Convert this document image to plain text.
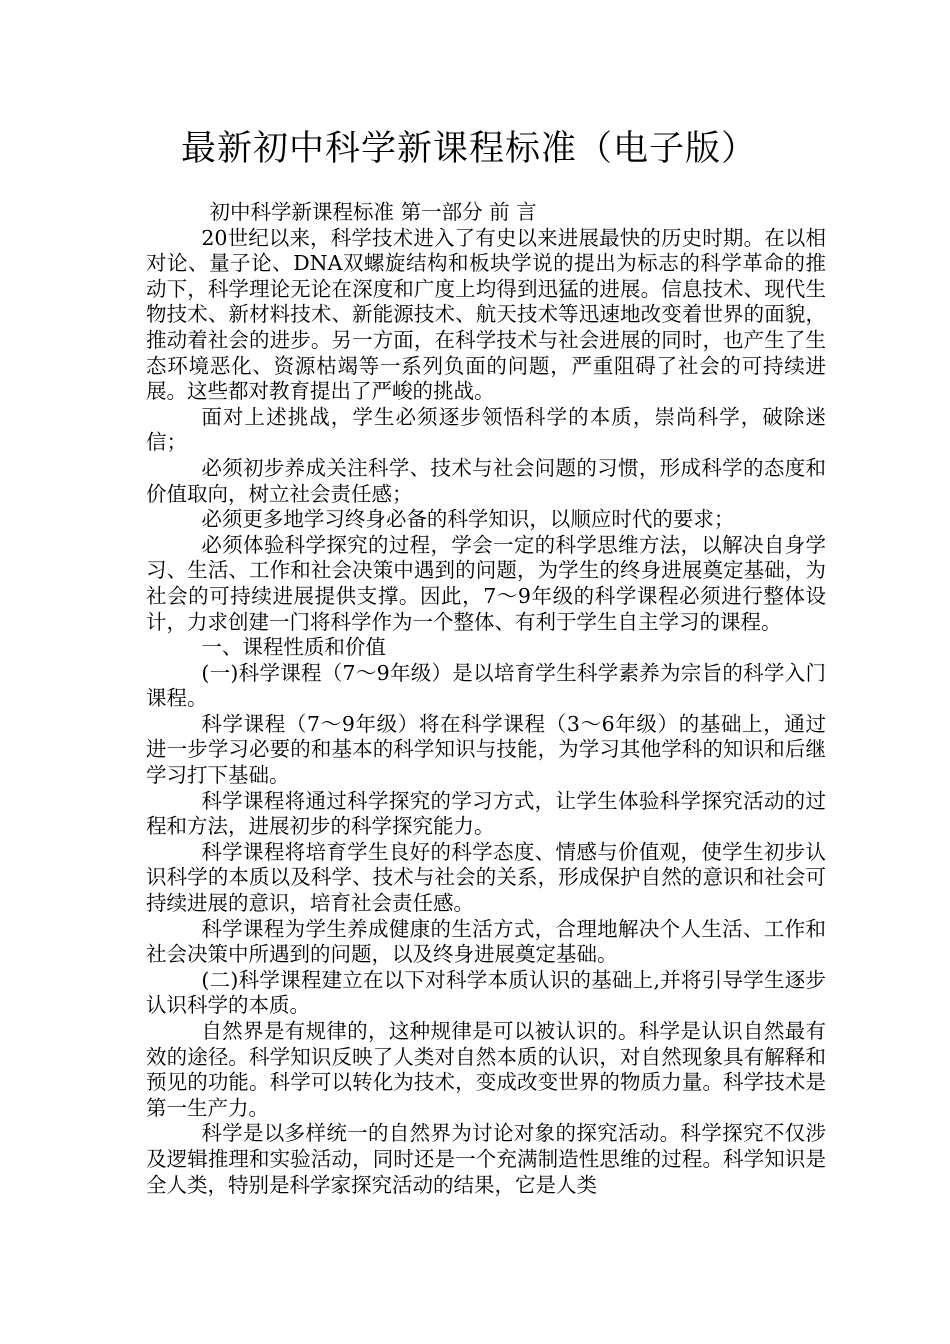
最新初中科学新课程标准（电子版）

初中科学新课程标准 第一部分 前 言

20世纪以来，科学技术进入了有史以来进展最快的历史时期。在以相对论、量子论、DNA双螺旋结构和板块学说的提出为标志的科学革命的推动下，科学理论无论在深度和广度上均得到迅猛的进展。信息技术、现代生物技术、新材料技术、新能源技术、航天技术等迅速地改变着世界的面貌，推动着社会的进步。另一方面，在科学技术与社会进展的同时，也产生了生态环境恶化、资源枯竭等一系列负面的问题，严重阻碍了社会的可持续进展。这些都对教育提出了严峻的挑战。

面对上述挑战，学生必须逐步领悟科学的本质，崇尚科学，破除迷信；

必须初步养成关注科学、技术与社会问题的习惯，形成科学的态度和价值取向，树立社会责任感；

必须更多地学习终身必备的科学知识，以顺应时代的要求；

必须体验科学探究的过程，学会一定的科学思维方法，以解决自身学习、生活、工作和社会决策中遇到的问题，为学生的终身进展奠定基础，为社会的可持续进展提供支撑。因此，7～9年级的科学课程必须进行整体设计，力求创建一门将科学作为一个整体、有利于学生自主学习的课程。

一、课程性质和价值

(一)科学课程（7～9年级）是以培育学生科学素养为宗旨的科学入门课程。

科学课程（7～9年级）将在科学课程（3～6年级）的基础上，通过进一步学习必要的和基本的科学知识与技能，为学习其他学科的知识和后继学习打下基础。

科学课程将通过科学探究的学习方式，让学生体验科学探究活动的过程和方法，进展初步的科学探究能力。

科学课程将培育学生良好的科学态度、情感与价值观，使学生初步认识科学的本质以及科学、技术与社会的关系，形成保护自然的意识和社会可持续进展的意识，培育社会责任感。

科学课程为学生养成健康的生活方式，合理地解决个人生活、工作和社会决策中所遇到的问题，以及终身进展奠定基础。

(二)科学课程建立在以下对科学本质认识的基础上,并将引导学生逐步认识科学的本质。

自然界是有规律的，这种规律是可以被认识的。科学是认识自然最有效的途径。科学知识反映了人类对自然本质的认识，对自然现象具有解释和预见的功能。科学可以转化为技术，变成改变世界的物质力量。科学技术是第一生产力。

科学是以多样统一的自然界为讨论对象的探究活动。科学探究不仅涉及逻辑推理和实验活动，同时还是一个充满制造性思维的过程。科学知识是全人类，特别是科学家探究活动的结果，它是人类
